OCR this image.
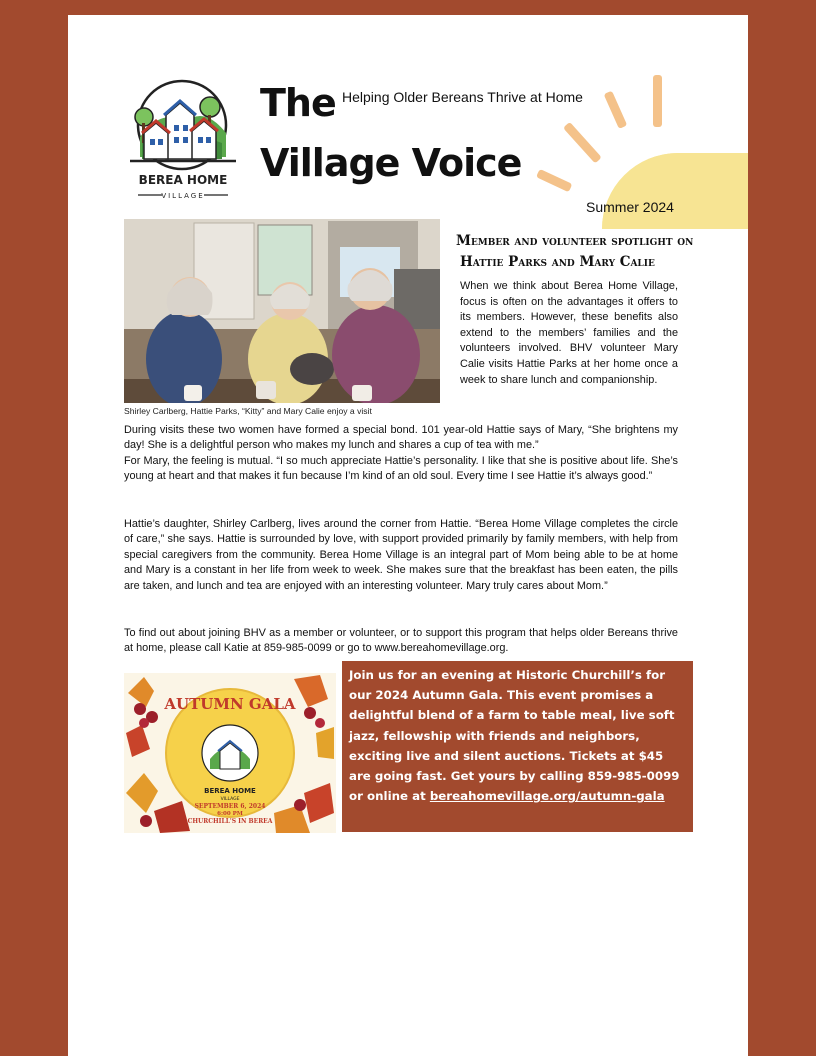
BEREA HOME
VILLAGE
The
Village Voice
Helping Older Bereans Thrive at Home
Summer 2024
Shirley Carlberg, Hattie Parks, “Kitty” and Mary Calie enjoy a visit
Member and volunteer spotlight on
Hattie Parks and Mary Calie
When we think about Berea Home Village, focus is often on the advantages it offers to its members. However, these benefits also extend to the members’ families and the volunteers involved. BHV volunteer Mary Calie visits Hattie Parks at her home once a week to share lunch and companionship.
During visits these two women have formed a special bond. 101 year-old Hattie says of Mary, “She brightens my day! She is a delightful person who makes my lunch and shares a cup of tea with me.”
For Mary, the feeling is mutual. “I so much appreciate Hattie’s personality. I like that she is positive about life. She’s young at heart and that makes it fun because I’m kind of an old soul. Every time I see Hattie it’s always good.”
Hattie’s daughter, Shirley Carlberg, lives around the corner from Hattie. “Berea Home Village completes the circle of care,” she says. Hattie is surrounded by love, with support provided primarily by family members, with help from special caregivers from the community. Berea Home Village is an integral part of Mom being able to be at home and Mary is a constant in her life from week to week. She makes sure that the breakfast has been eaten, the pills are taken, and lunch and tea are enjoyed with an interesting volunteer. Mary truly cares about Mom.”
To find out about joining BHV as a member or volunteer, or to support this program that helps older Bereans thrive at home, please call Katie at 859-985-0099 or go to www.bereahomevillage.org.
AUTUMN GALA
BEREA HOME
VILLAGE
SEPTEMBER 6, 2024
6:00 PM
CHURCHILL'S IN BEREA
Join us for an evening at Historic Churchill’s for our 2024 Autumn Gala. This event promises a delightful blend of a farm to table meal, live soft jazz, fellowship with friends and neighbors, exciting live and silent auctions. Tickets at $45 are going fast. Get yours by calling 859-985-0099 or online at bereahomevillage.org/autumn-gala
